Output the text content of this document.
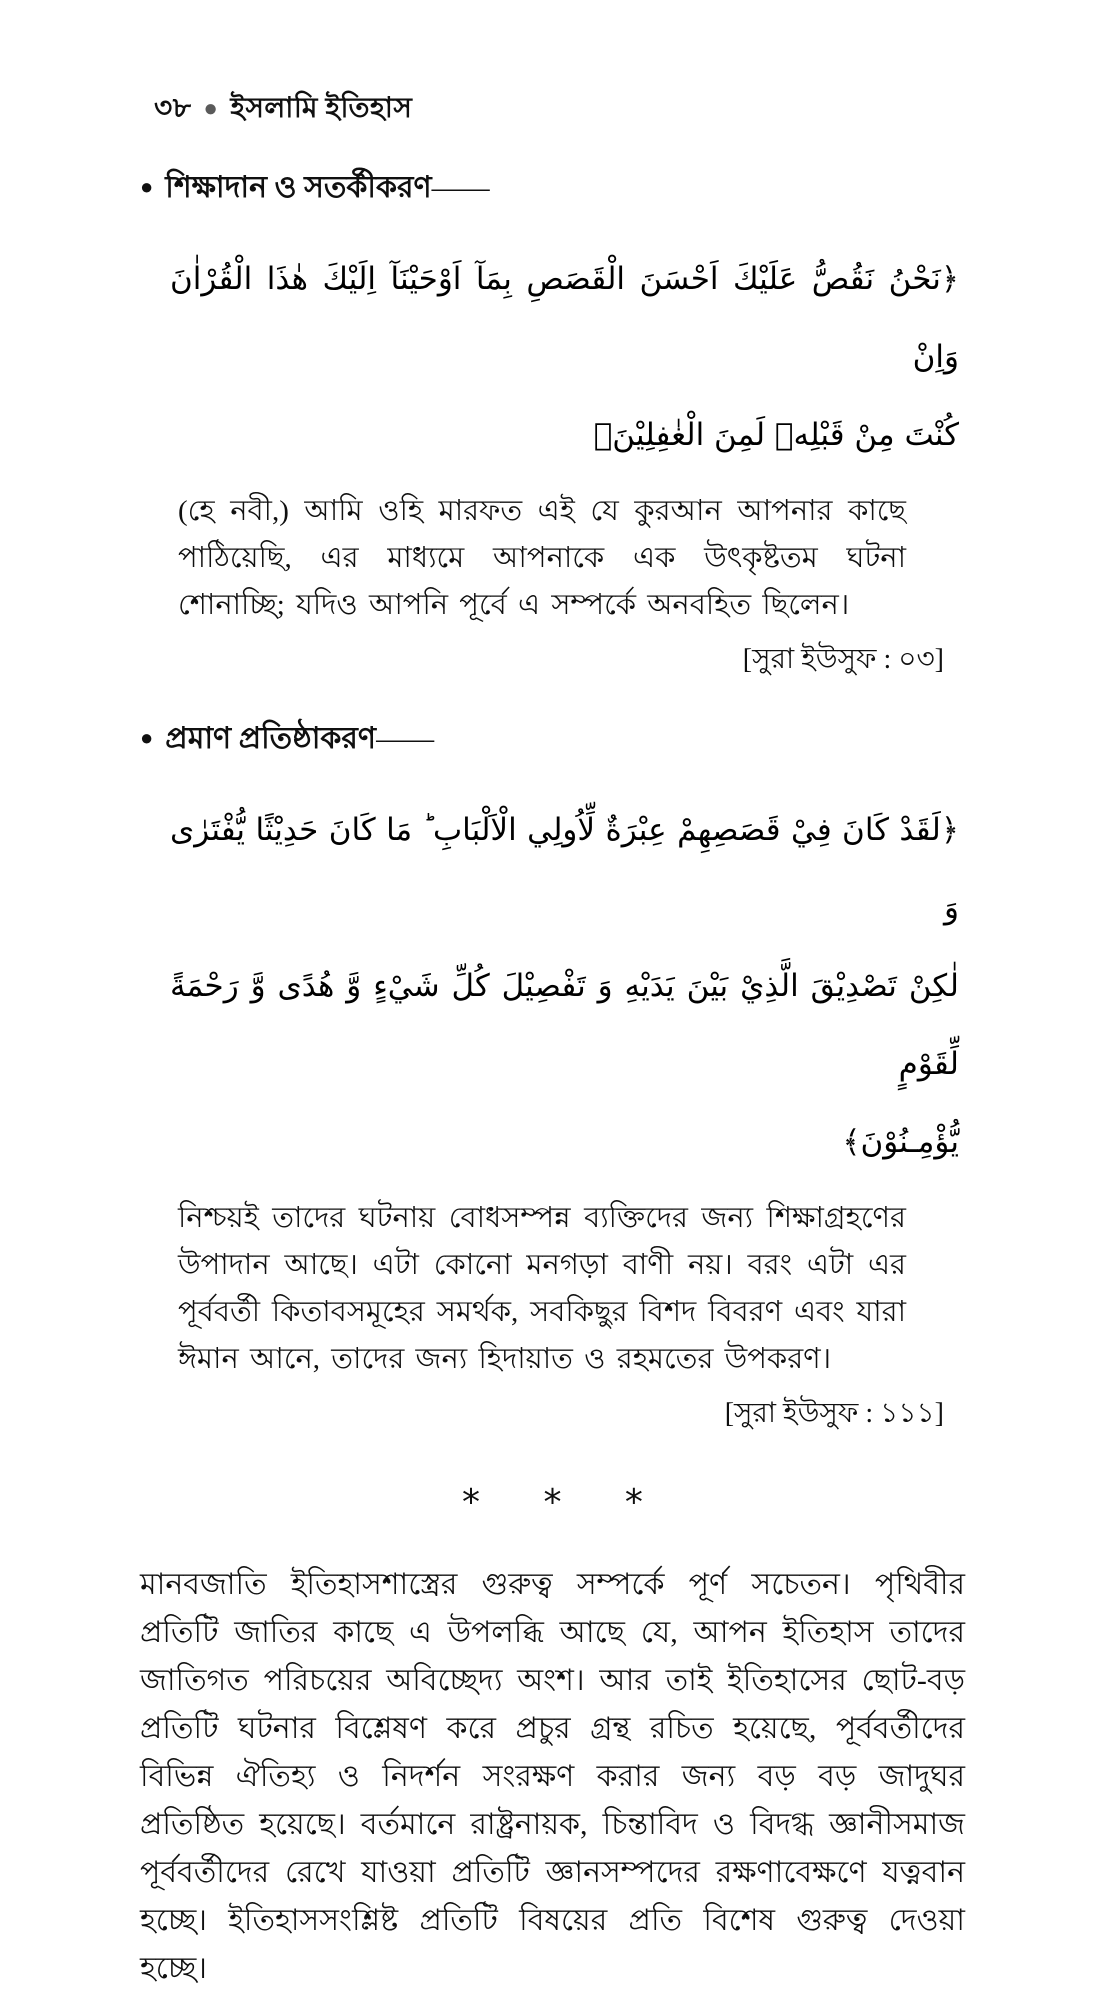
৩৮ ● ইসলামি ইতিহাস
● শিক্ষাদান ও সতর্কীকরণ——
﴿نَحْنُ نَقُصُّ عَلَيْكَ اَحْسَنَ الْقَصَصِ بِمَآ اَوْحَيْنَآ اِلَيْكَ هٰذَا الْقُرْاٰنَ وَاِنْ
كُنْتَ مِنْ قَبْلِهٖ لَمِنَ الْغٰفِلِيْنَ﴾

(হে নবী,) আমি ওহি মারফত এই যে কুরআন আপনার কাছে পাঠিয়েছি, এর মাধ্যমে আপনাকে এক উৎকৃষ্টতম ঘটনা শোনাচ্ছি; যদিও আপনি পূর্বে এ সম্পর্কে অনবহিত ছিলেন।

[সুরা ইউসুফ : ০৩]
● প্রমাণ প্রতিষ্ঠাকরণ——
﴿لَقَدْ كَانَ فِيْ قَصَصِهِمْ عِبْرَةٌ لِّاُولِي الْاَلْبَابِ ؕ مَا كَانَ حَدِيْثًا يُّفْتَرٰى وَ
لٰكِنْ تَصْدِيْقَ الَّذِيْ بَيْنَ يَدَيْهِ وَ تَفْصِيْلَ كُلِّ شَيْءٍ وَّ هُدًى وَّ رَحْمَةً لِّقَوْمٍ
يُّؤْمِـنُوْنَ﴾

নিশ্চয়ই তাদের ঘটনায় বোধসম্পন্ন ব্যক্তিদের জন্য শিক্ষাগ্রহণের উপাদান আছে। এটা কোনো মনগড়া বাণী নয়। বরং এটা এর পূর্ববর্তী কিতাবসমূহের সমর্থক, সবকিছুর বিশদ বিবরণ এবং যারা ঈমান আনে, তাদের জন্য হিদায়াত ও রহমতের উপকরণ।

[সুরা ইউসুফ : ১১১]
* * *

মানবজাতি ইতিহাসশাস্ত্রের গুরুত্ব সম্পর্কে পূর্ণ সচেতন। পৃথিবীর প্রতিটি জাতির কাছে এ উপলব্ধি আছে যে, আপন ইতিহাস তাদের জাতিগত পরিচয়ের অবিচ্ছেদ্য অংশ। আর তাই ইতিহাসের ছোট-বড় প্রতিটি ঘটনার বিশ্লেষণ করে প্রচুর গ্রন্থ রচিত হয়েছে, পূর্ববর্তীদের বিভিন্ন ঐতিহ্য ও নিদর্শন সংরক্ষণ করার জন্য বড় বড় জাদুঘর প্রতিষ্ঠিত হয়েছে। বর্তমানে রাষ্ট্রনায়ক, চিন্তাবিদ ও বিদগ্ধ জ্ঞানীসমাজ পূর্ববর্তীদের রেখে যাওয়া প্রতিটি জ্ঞানসম্পদের রক্ষণাবেক্ষণে যত্নবান হচ্ছে। ইতিহাসসংশ্লিষ্ট প্রতিটি বিষয়ের প্রতি বিশেষ গুরুত্ব দেওয়া হচ্ছে।
